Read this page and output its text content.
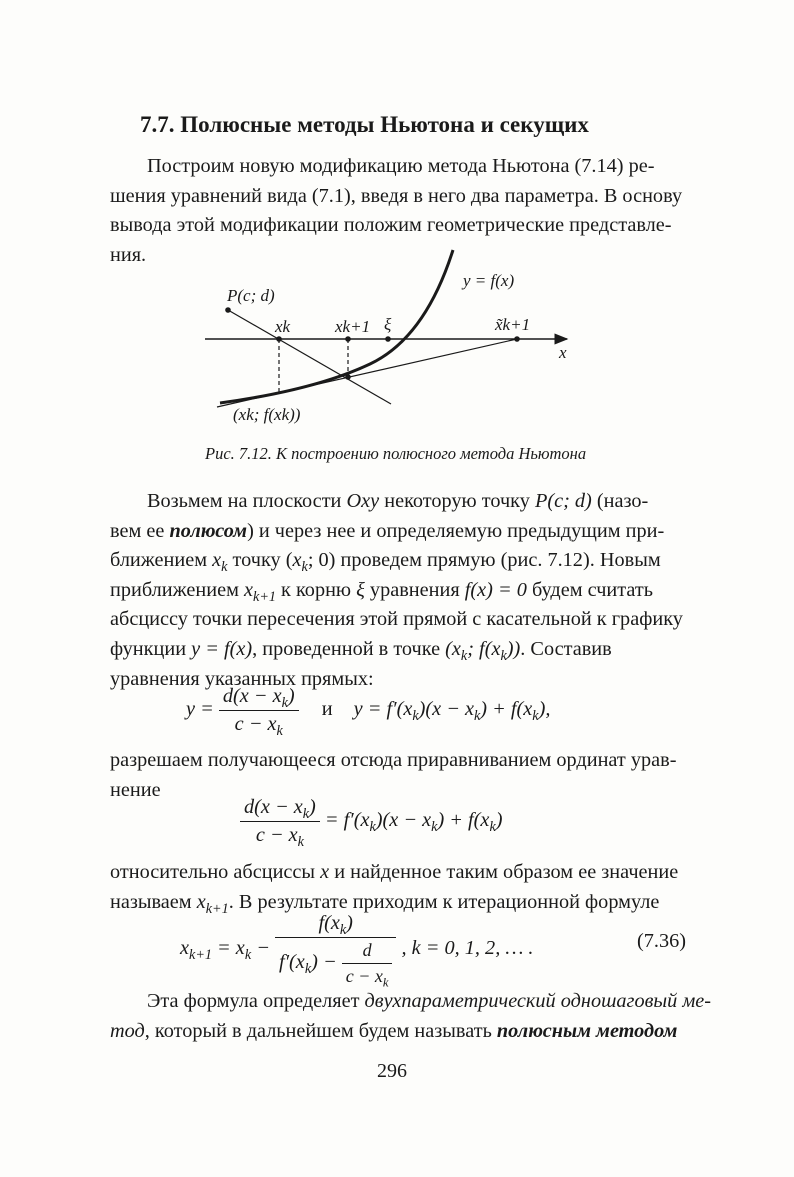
7.7. Полюсные методы Ньютона и секущих
Построим новую модификацию метода Ньютона (7.14) ре-
шения уравнений вида (7.1), введя в него два параметра. В основу
вывода этой модификации положим геометрические представле-
ния.
P(c; d)
y = f(x)
xk	xk+1 ξ	x̃k+1
x
(xk; f(xk))
Рис. 7.12. К построению полюсного метода Ньютона
Возьмем на плоскости Oxy некоторую точку P(c; d) (назо-
вем ее полюсом) и через нее и определяемую предыдущим при-
ближением $x_k$ точку ($x_k$; 0) проведем прямую (рис. 7.12). Новым
приближением $x_{k+1}$ к корню ξ уравнения f(x) = 0 будем считать
абсциссу точки пересечения этой прямой с касательной к графику
функции y = f(x), проведенной в точке ($x_k$; $f(x_k)$). Составив
уравнения указанных прямых:
$y = \frac{d(x - x_k)}{c - x_k}$ и $y = f'(x_k)(x - x_k) + f(x_k)$,
разрешаем получающееся отсюда приравниванием ординат урав-
нение
$\frac{d(x - x_k)}{c - x_k} = f'(x_k)(x - x_k) + f(x_k)$
относительно абсциссы x и найденное таким образом ее значение
называем $x_{k+1}$. В результате приходим к итерационной формуле
$x_{k+1} = x_k - \frac{f(x_k)}{f'(x_k) - \frac{d}{c - x_k}}$ , k = 0, 1, 2, … .	(7.36)
Эта формула определяет двухпараметрический одношаговый ме-
тод, который в дальнейшем будем называть полюсным методом
296
